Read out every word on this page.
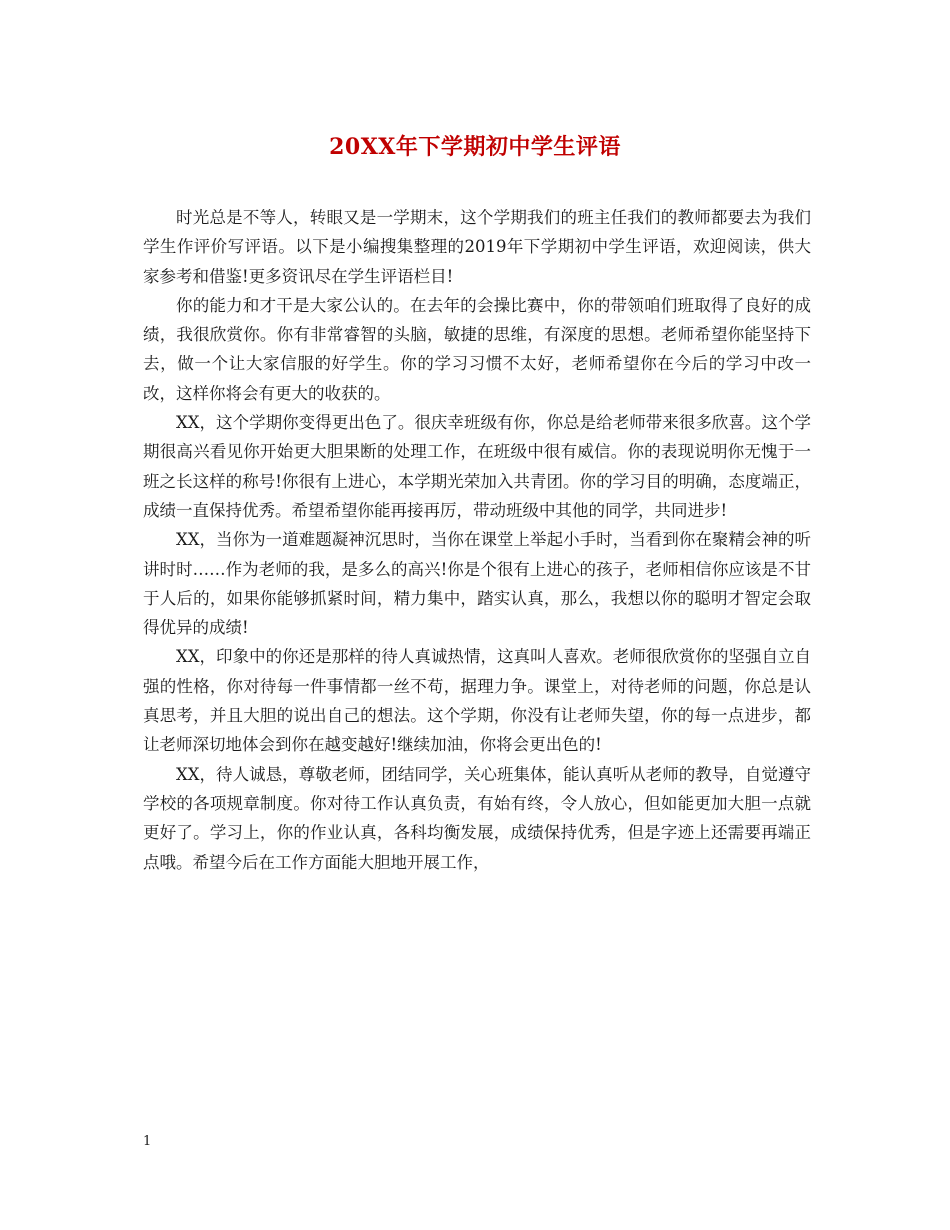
20XX年下学期初中学生评语

时光总是不等人，转眼又是一学期末，这个学期我们的班主任我们的教师都要去为我们学生作评价写评语。以下是小编搜集整理的2019年下学期初中学生评语，欢迎阅读，供大家参考和借鉴!更多资讯尽在学生评语栏目!

你的能力和才干是大家公认的。在去年的会操比赛中，你的带领咱们班取得了良好的成绩，我很欣赏你。你有非常睿智的头脑，敏捷的思维，有深度的思想。老师希望你能坚持下去，做一个让大家信服的好学生。你的学习习惯不太好，老师希望你在今后的学习中改一改，这样你将会有更大的收获的。

XX，这个学期你变得更出色了。很庆幸班级有你，你总是给老师带来很多欣喜。这个学期很高兴看见你开始更大胆果断的处理工作，在班级中很有威信。你的表现说明你无愧于一班之长这样的称号!你很有上进心，本学期光荣加入共青团。你的学习目的明确，态度端正，成绩一直保持优秀。希望希望你能再接再厉，带动班级中其他的同学，共同进步!

XX，当你为一道难题凝神沉思时，当你在课堂上举起小手时，当看到你在聚精会神的听讲时时……作为老师的我，是多么的高兴!你是个很有上进心的孩子，老师相信你应该是不甘于人后的，如果你能够抓紧时间，精力集中，踏实认真，那么，我想以你的聪明才智定会取得优异的成绩!

XX，印象中的你还是那样的待人真诚热情，这真叫人喜欢。老师很欣赏你的坚强自立自强的性格，你对待每一件事情都一丝不苟，据理力争。课堂上，对待老师的问题，你总是认真思考，并且大胆的说出自己的想法。这个学期，你没有让老师失望，你的每一点进步，都让老师深切地体会到你在越变越好!继续加油，你将会更出色的!

XX，待人诚恳，尊敬老师，团结同学，关心班集体，能认真听从老师的教导，自觉遵守学校的各项规章制度。你对待工作认真负责，有始有终，令人放心，但如能更加大胆一点就更好了。学习上，你的作业认真，各科均衡发展，成绩保持优秀，但是字迹上还需要再端正点哦。希望今后在工作方面能大胆地开展工作，

1
